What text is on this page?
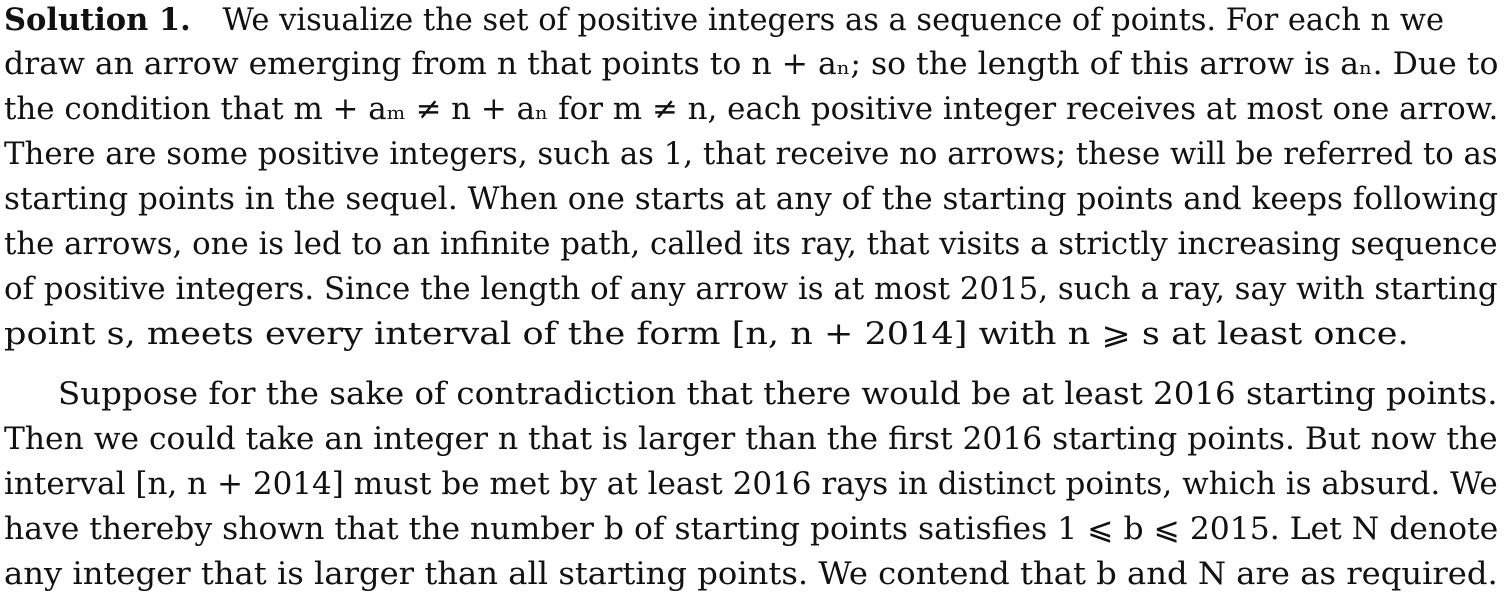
Solution 1. We visualize the set of positive integers as a sequence of points. For each n we
draw an arrow emerging from n that points to n + aₙ; so the length of this arrow is aₙ. Due to
the condition that m + aₘ ≠ n + aₙ for m ≠ n, each positive integer receives at most one arrow.
There are some positive integers, such as 1, that receive no arrows; these will be referred to as
starting points in the sequel. When one starts at any of the starting points and keeps following
the arrows, one is led to an infinite path, called its ray, that visits a strictly increasing sequence
of positive integers. Since the length of any arrow is at most 2015, such a ray, say with starting
point s, meets every interval of the form [n, n + 2014] with n ⩾ s at least once.
Suppose for the sake of contradiction that there would be at least 2016 starting points.
Then we could take an integer n that is larger than the first 2016 starting points. But now the
interval [n, n + 2014] must be met by at least 2016 rays in distinct points, which is absurd. We
have thereby shown that the number b of starting points satisfies 1 ⩽ b ⩽ 2015. Let N denote
any integer that is larger than all starting points. We contend that b and N are as required.
